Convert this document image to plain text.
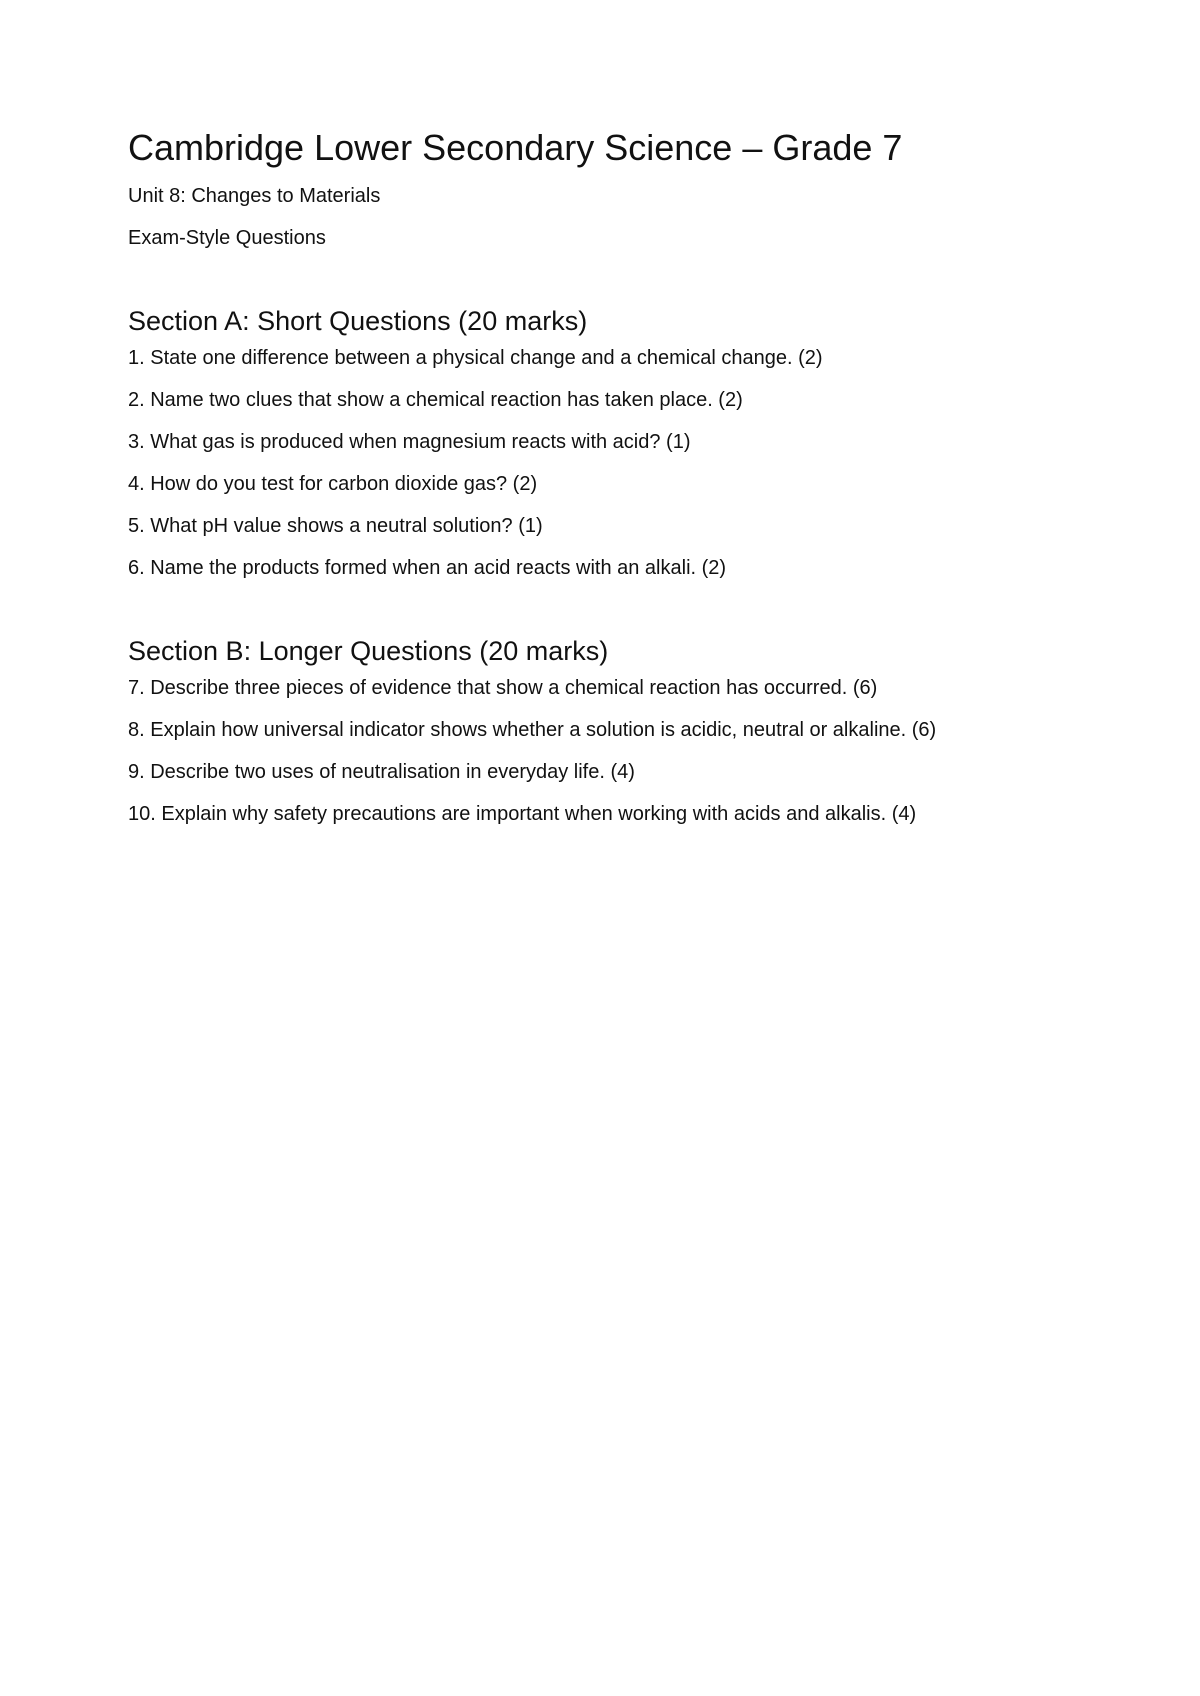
Cambridge Lower Secondary Science – Grade 7

Unit 8: Changes to Materials

Exam-Style Questions

Section A: Short Questions (20 marks)

1. State one difference between a physical change and a chemical change. (2)

2. Name two clues that show a chemical reaction has taken place. (2)

3. What gas is produced when magnesium reacts with acid? (1)

4. How do you test for carbon dioxide gas? (2)

5. What pH value shows a neutral solution? (1)

6. Name the products formed when an acid reacts with an alkali. (2)

Section B: Longer Questions (20 marks)

7. Describe three pieces of evidence that show a chemical reaction has occurred. (6)

8. Explain how universal indicator shows whether a solution is acidic, neutral or alkaline. (6)

9. Describe two uses of neutralisation in everyday life. (4)

10. Explain why safety precautions are important when working with acids and alkalis. (4)
